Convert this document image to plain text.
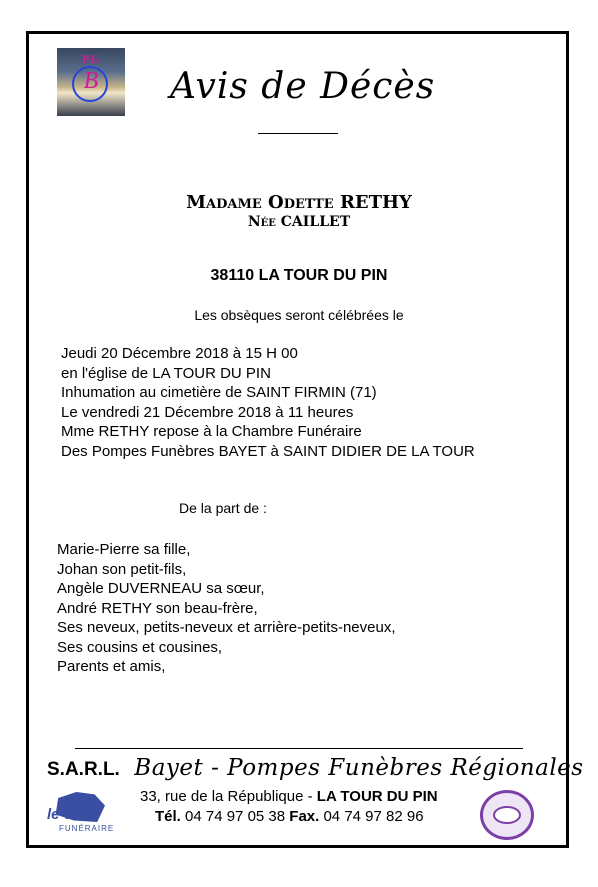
P.F.
B	Avis de Décès
Madame Odette RETHY
Née CAILLET
38110 LA TOUR DU PIN
Les obsèques seront célébrées le
Jeudi 20 Décembre 2018 à 15 H 00
en l'église de LA TOUR DU PIN
Inhumation au cimetière de SAINT FIRMIN (71)
Le vendredi 21 Décembre 2018 à 11 heures
Mme RETHY repose à la Chambre Funéraire
Des Pompes Funèbres BAYET à SAINT DIDIER DE LA TOUR
De la part de :
Marie-Pierre sa fille,
Johan son petit-fils,
Angèle DUVERNEAU sa sœur,
André RETHY son beau-frère,
Ses neveux, petits-neveux et arrière-petits-neveux,
Ses cousins et cousines,
Parents et amis,
S.A.R.L. Bayet - Pompes Funèbres Régionales
le voeu
FUNÉRAIRE
33, rue de la République - LA TOUR DU PIN
Tél. 04 74 97 05 38 Fax. 04 74 97 82 96
